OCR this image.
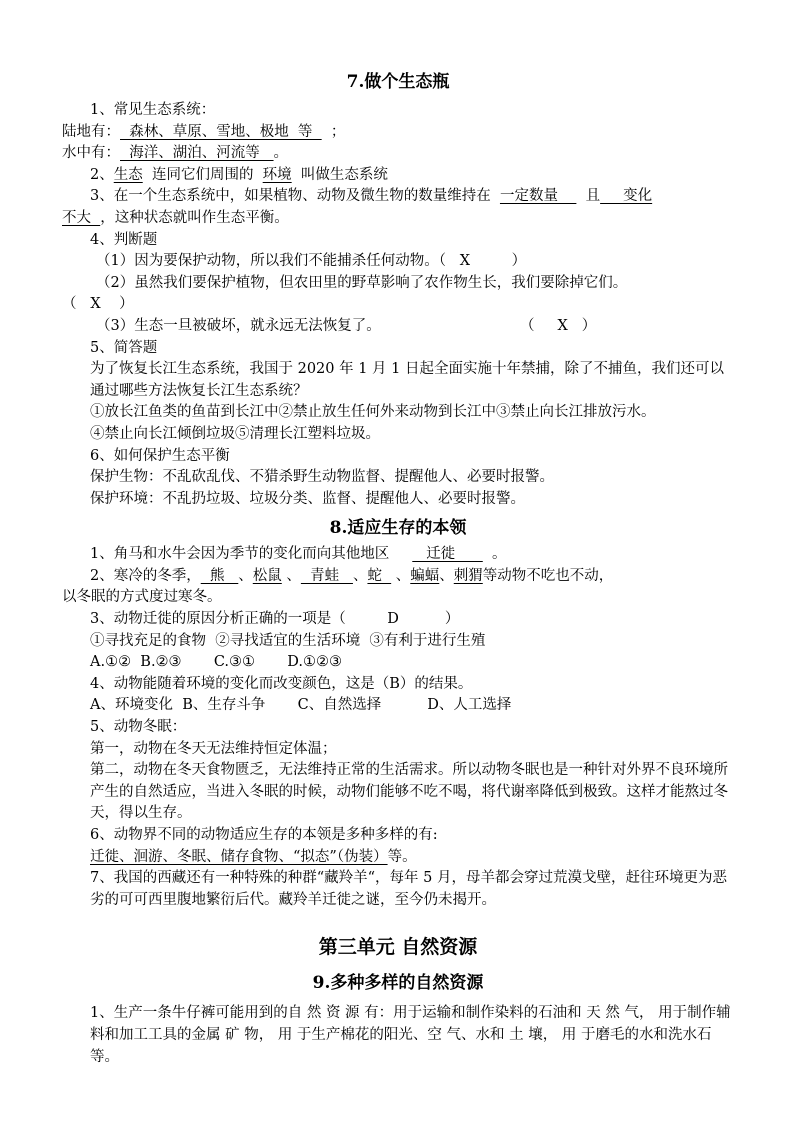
7.做个生态瓶
1、常见生态系统：
陆地有：  森林、草原、雪地、极地  等    ；
水中有：  海洋、湖泊、河流等   。
2、生态  连同它们周围的  环境  叫做生态系统
3、在一个生态系统中，如果植物、动物及微生物的数量维持在  一定数量      且     变化
不大  ，这种状态就叫作生态平衡。
4、判断题
（1）因为要保护动物，所以我们不能捕杀任何动物。（   X         ）
（2）虽然我们要保护植物，但农田里的野草影响了农作物生长，我们要除掉它们。
（   X    ）
（3）生态一旦被破坏，就永远无法恢复了。	（     X   ）
5、简答题
为了恢复长江生态系统，我国于 2020 年 1 月 1 日起全面实施十年禁捕，除了不捕鱼，我们还可以通过哪些方法恢复长江生态系统？
①放长江鱼类的鱼苗到长江中②禁止放生任何外来动物到长江中③禁止向长江排放污水。
④禁止向长江倾倒垃圾⑤清理长江塑料垃圾。
6、如何保护生态平衡
保护生物：不乱砍乱伐、不猎杀野生动物监督、提醒他人、必要时报警。
保护环境：不乱扔垃圾、垃圾分类、监督、提醒他人、必要时报警。
8.适应生存的本领
1、角马和水牛会因为季节的变化而向其他地区        迁徙        。
2、寒冷的冬季，  熊   、松鼠 、  青蛙   、蛇   、蝙蝠、刺猬等动物不吃也不动，
以冬眠的方式度过寒冬。
3、动物迁徙的原因分析正确的一项是（         D          ）
①寻找充足的食物  ②寻找适宜的生活环境  ③有利于进行生殖
A.①②  B.②③       C.③①       D.①②③
4、动物能随着环境的变化而改变颜色，这是（B）的结果。
A、环境变化  B、生存斗争       C、自然选择          D、人工选择
5、动物冬眠：
第一，动物在冬天无法维持恒定体温；
第二，动物在冬天食物匮乏，无法维持正常的生活需求。所以动物冬眠也是一种针对外界不良环境所产生的自然适应，当进入冬眠的时候，动物们能够不吃不喝，将代谢率降低到极致。这样才能熬过冬天，得以生存。
6、动物界不同的动物适应生存的本领是多种多样的有:迁徙、洄游、冬眠、储存食物、“拟态”（伪装）等。
7、我国的西藏还有一种特殊的种群“藏羚羊“，每年 5 月，母羊都会穿过荒漠戈壁，赶往环境更为恶劣的可可西里腹地繁衍后代。藏羚羊迁徙之谜，至今仍未揭开。
第三单元 自然资源
9.多种多样的自然资源
1、生产一条牛仔裤可能用到的自 然 资 源 有：用于运输和制作染料的石油和 天 然 气， 用于制作辅料和加工工具的金属 矿 物， 用 于生产棉花的阳光、空 气、水和 土 壤， 用 于磨毛的水和洗水石等。
